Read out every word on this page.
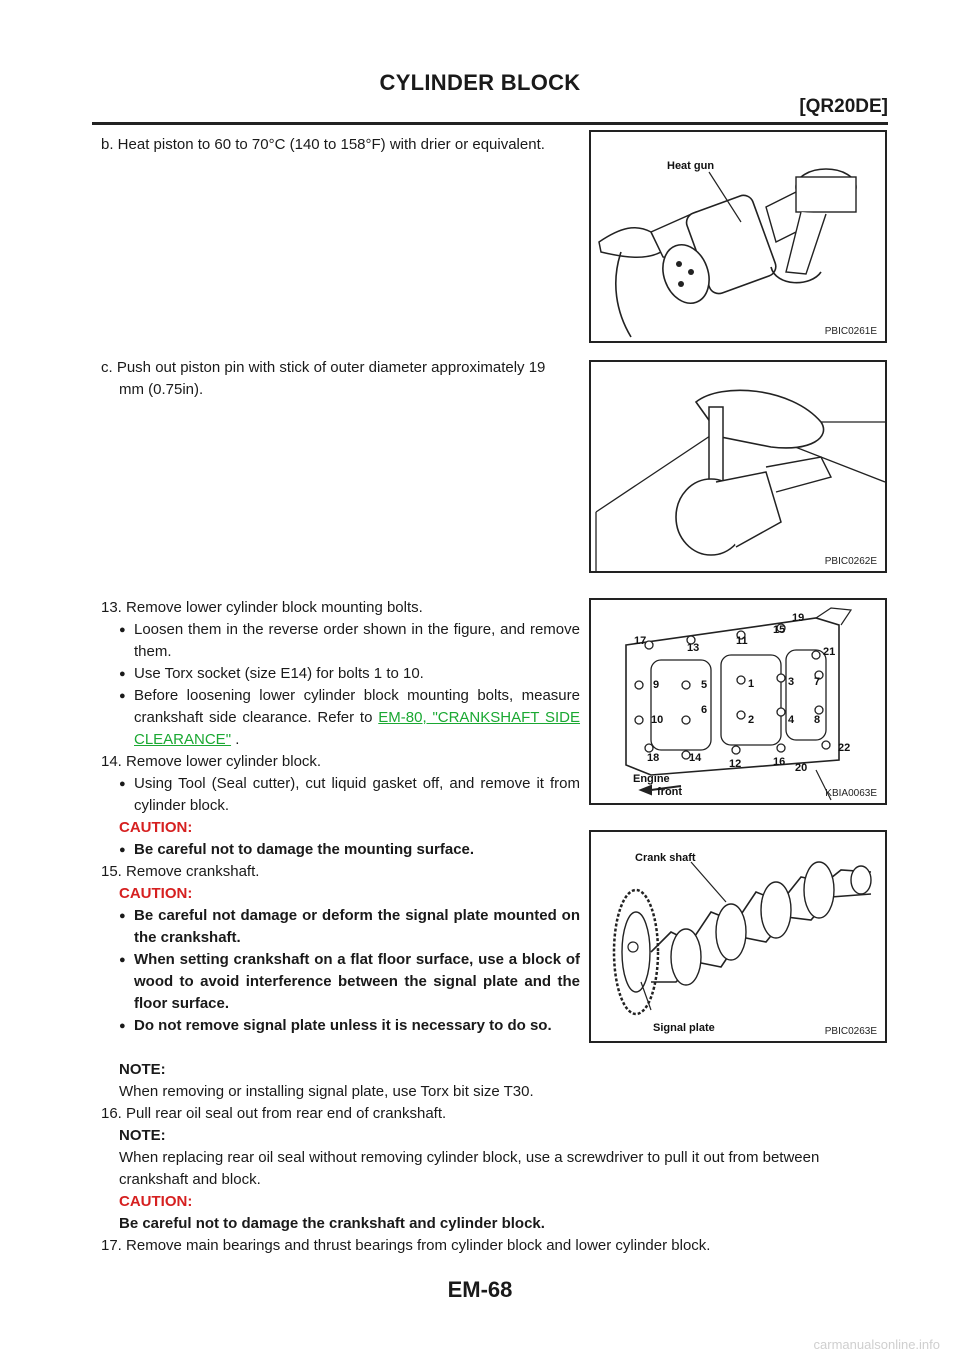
CYLINDER BLOCK
[QR20DE]
b. Heat piston to 60 to 70°C (140 to 158°F) with drier or equivalent.
c. Push out piston pin with stick of outer diameter approximately 19
mm (0.75in).
13. Remove lower cylinder block mounting bolts.
● Loosen them in the reverse order shown in the figure, and remove them.
● Use Torx socket (size E14) for bolts 1 to 10.
● Before loosening lower cylinder block mounting bolts, measure crankshaft side clearance. Refer to EM-80, "CRANKSHAFT SIDE CLEARANCE" .
14. Remove lower cylinder block.
● Using Tool (Seal cutter), cut liquid gasket off, and remove it from cylinder block.
CAUTION:
● Be careful not to damage the mounting surface.
15. Remove crankshaft.
CAUTION:
● Be careful not damage or deform the signal plate mounted on the crankshaft.
● When setting crankshaft on a flat floor surface, use a block of wood to avoid interference between the signal plate and the floor surface.
● Do not remove signal plate unless it is necessary to do so.
NOTE:
When removing or installing signal plate, use Torx bit size T30.
16. Pull rear oil seal out from rear end of crankshaft.
NOTE:
When replacing rear oil seal without removing cylinder block, use a screwdriver to pull it out from between crankshaft and block.
CAUTION:
Be careful not to damage the crankshaft and cylinder block.
17. Remove main bearings and thrust bearings from cylinder block and lower cylinder block.
Heat gun
PBIC0261E
PBIC0262E
17
13
11
15
19
21
9	5	1	3 7
6
10	2	4 8
22
18	14	12	16 20
Engine
front	KBIA0063E
Crank shaft
Signal plate	PBIC0263E
EM-68
carmanualsonline.info
